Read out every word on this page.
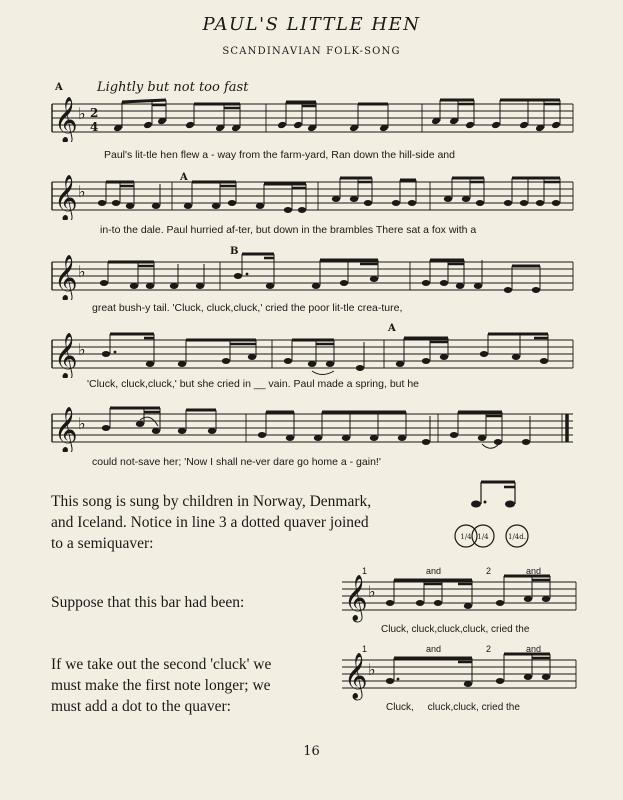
PAUL'S LITTLE HEN
SCANDINAVIAN FOLK-SONG
A	Lightly but not too fast
𝄞 ♭ 2
4
Paul's lit-tle hen flew a - way from the farm-yard, Ran down the hill-side and
A
𝄞 ♭
in-to the dale. Paul hurried af-ter, but down in the brambles There sat a fox with a
B
𝄞 ♭
great bush-y tail. 'Cluck, cluck,cluck,' cried the poor lit-tle crea-ture,
A
𝄞 ♭
'Cluck, cluck,cluck,' but she cried in __ vain. Paul made a spring, but he
𝄞 ♭
could not-save her; 'Now I shall ne-ver dare go home a - gain!'
This song is sung by children in Norway, Denmark,
and Iceland. Notice in line 3 a dotted quaver joined
to a semiquaver:	1/4 1/4	1/4d.
Suppose that this bar had been:
1	and	2	and
𝄞 ♭
Cluck, cluck,cluck,cluck, cried the
If we take out the second 'cluck' we
must make the first note longer; we
must add a dot to the quaver:
1	and	2	and
𝄞 ♭
Cluck,     cluck,cluck, cried the
16
